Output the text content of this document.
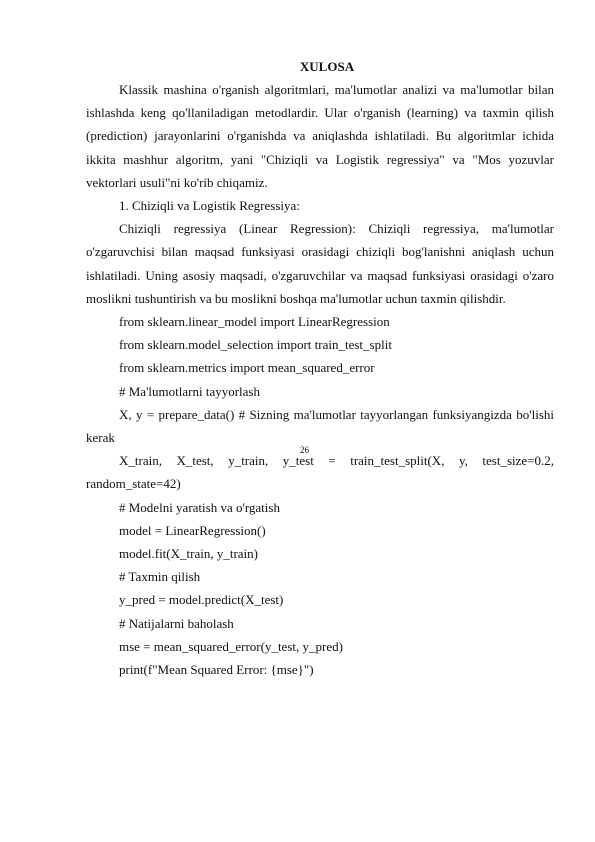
XULOSA

Klassik mashina o'rganish algoritmlari, ma'lumotlar analizi va ma'lumotlar bilan ishlashda keng qo'llaniladigan metodlardir. Ular o'rganish (learning) va taxmin qilish (prediction) jarayonlarini o'rganishda va aniqlashda ishlatiladi. Bu algoritmlar ichida ikkita mashhur algoritm, yani "Chiziqli va Logistik regressiya" va "Mos yozuvlar vektorlari usuli"ni ko'rib chiqamiz.

1. Chiziqli va Logistik Regressiya:

Chiziqli regressiya (Linear Regression): Chiziqli regressiya, ma'lumotlar o'zgaruvchisi bilan maqsad funksiyasi orasidagi chiziqli bog'lanishni aniqlash uchun ishlatiladi. Uning asosiy maqsadi, o'zgaruvchilar va maqsad funksiyasi orasidagi o'zaro moslikni tushuntirish va bu moslikni boshqa ma'lumotlar uchun taxmin qilishdir.

from sklearn.linear_model import LinearRegression

from sklearn.model_selection import train_test_split

from sklearn.metrics import mean_squared_error

# Ma'lumotlarni tayyorlash

X, y = prepare_data() # Sizning ma'lumotlar tayyorlangan funksiyangizda bo'lishi kerak

X_train, X_test, y_train, y_test = train_test_split(X, y, test_size=0.2, random_state=42)

# Modelni yaratish va o'rgatish

model = LinearRegression()

model.fit(X_train, y_train)

# Taxmin qilish

y_pred = model.predict(X_test)

# Natijalarni baholash

mse = mean_squared_error(y_test, y_pred)

print(f"Mean Squared Error: {mse}")

26
